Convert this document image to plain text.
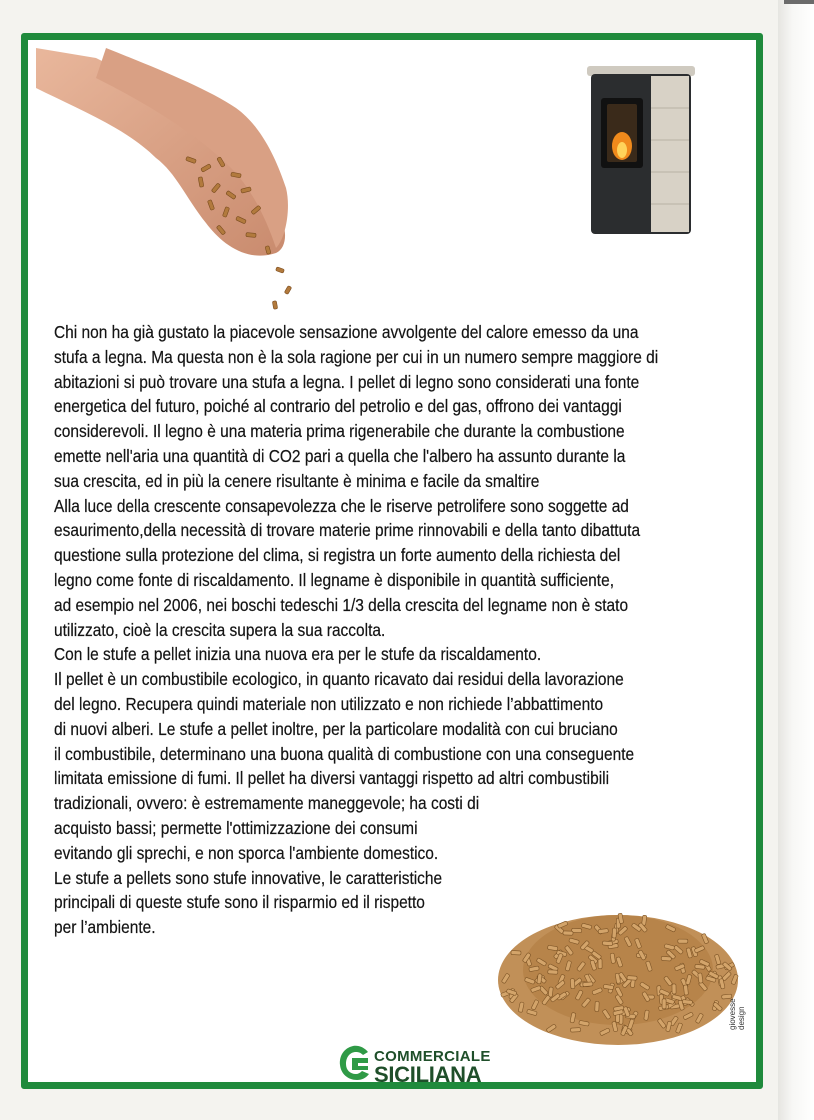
Chi non ha già gustato la piacevole sensazione avvolgente del calore emesso da una

stufa a legna. Ma questa non è la sola ragione per cui in un numero sempre maggiore di

abitazioni si può trovare una stufa a legna. I pellet di legno sono considerati una fonte

energetica del futuro, poiché al contrario del petrolio e del gas, offrono dei vantaggi

considerevoli. Il legno è una materia prima rigenerabile che durante la combustione

emette nell'aria una quantità di CO2 pari a quella che l'albero ha assunto durante la

sua crescita, ed in più la cenere risultante è minima e facile da smaltire

Alla luce della crescente consapevolezza che le riserve petrolifere sono soggette ad

esaurimento,della necessità di trovare materie prime rinnovabili e della tanto dibattuta

questione sulla protezione del clima, si registra un forte aumento della richiesta del

legno come fonte di riscaldamento. Il legname è disponibile in quantità sufficiente,

ad esempio nel 2006, nei boschi tedeschi 1/3 della crescita del legname non è stato

utilizzato, cioè la crescita supera la sua raccolta.

Con le stufe a pellet inizia una nuova era per le stufe da riscaldamento.

Il pellet è un combustibile ecologico, in quanto ricavato dai residui della lavorazione

del legno. Recupera quindi materiale non utilizzato e non richiede l’abbattimento

di nuovi alberi. Le stufe a pellet inoltre, per la particolare modalità con cui bruciano

il combustibile, determinano una buona qualità di combustione con una conseguente

limitata emissione di fumi. Il pellet ha diversi vantaggi rispetto ad altri combustibili

tradizionali, ovvero: è estremamente maneggevole; ha costi di

acquisto bassi; permette l'ottimizzazione dei consumi

evitando gli sprechi, e non sporca l'ambiente domestico.

Le stufe a pellets sono stufe innovative, le caratteristiche

principali di queste stufe sono il risparmio ed il rispetto

per l’ambiente.

giovesse design
COMMERCIALE
SICILIANA
